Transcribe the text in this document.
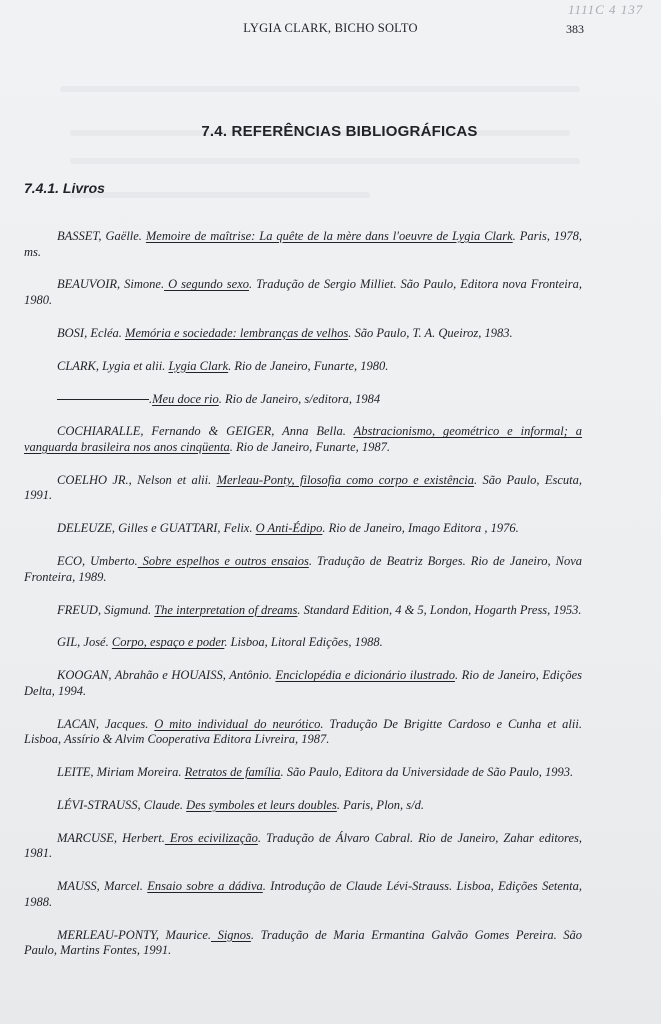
1111C 4 137
LYGIA CLARK, BICHO SOLTO	383
7.4. REFERÊNCIAS BIBLIOGRÁFICAS
7.4.1. Livros
BASSET, Gaëlle. Memoire de maîtrise: La quête de la mère dans l'oeuvre de Lygia Clark. Paris, 1978, ms.
BEAUVOIR, Simone. O segundo sexo. Tradução de Sergio Milliet. São Paulo, Editora nova Fronteira, 1980.
BOSI, Ecléa. Memória e sociedade: lembranças de velhos. São Paulo, T. A. Queiroz, 1983.
CLARK, Lygia et alii. Lygia Clark. Rio de Janeiro, Funarte, 1980.
.Meu doce rio. Rio de Janeiro, s/editora, 1984
COCHIARALLE, Fernando & GEIGER, Anna Bella. Abstracionismo, geométrico e informal; a vanguarda brasileira nos anos cinqüenta. Rio de Janeiro, Funarte, 1987.
COELHO JR., Nelson et alii. Merleau-Ponty, filosofia como corpo e existência. São Paulo, Escuta, 1991.
DELEUZE, Gilles e GUATTARI, Felix. O Anti-Édipo. Rio de Janeiro, Imago Editora , 1976.
ECO, Umberto. Sobre espelhos e outros ensaios. Tradução de Beatriz Borges. Rio de Janeiro, Nova Fronteira, 1989.
FREUD, Sigmund. The interpretation of dreams. Standard Edition, 4 & 5, London, Hogarth Press, 1953.
GIL, José. Corpo, espaço e poder. Lisboa, Litoral Edições, 1988.
KOOGAN, Abrahão e HOUAISS, Antônio. Enciclopédia e dicionário ilustrado. Rio de Janeiro, Edições Delta, 1994.
LACAN, Jacques. O mito individual do neurótico. Tradução De Brigitte Cardoso e Cunha et alii. Lisboa, Assírio & Alvim Cooperativa Editora Livreira, 1987.
LEITE, Miriam Moreira. Retratos de família. São Paulo, Editora da Universidade de São Paulo, 1993.
LÉVI-STRAUSS, Claude. Des symboles et leurs doubles. Paris, Plon, s/d.
MARCUSE, Herbert. Eros ecivilização. Tradução de Álvaro Cabral. Rio de Janeiro, Zahar editores, 1981.
MAUSS, Marcel. Ensaio sobre a dádiva. Introdução de Claude Lévi-Strauss. Lisboa, Edições Setenta, 1988.
MERLEAU-PONTY, Maurice. Signos. Tradução de Maria Ermantina Galvão Gomes Pereira. São Paulo, Martins Fontes, 1991.
